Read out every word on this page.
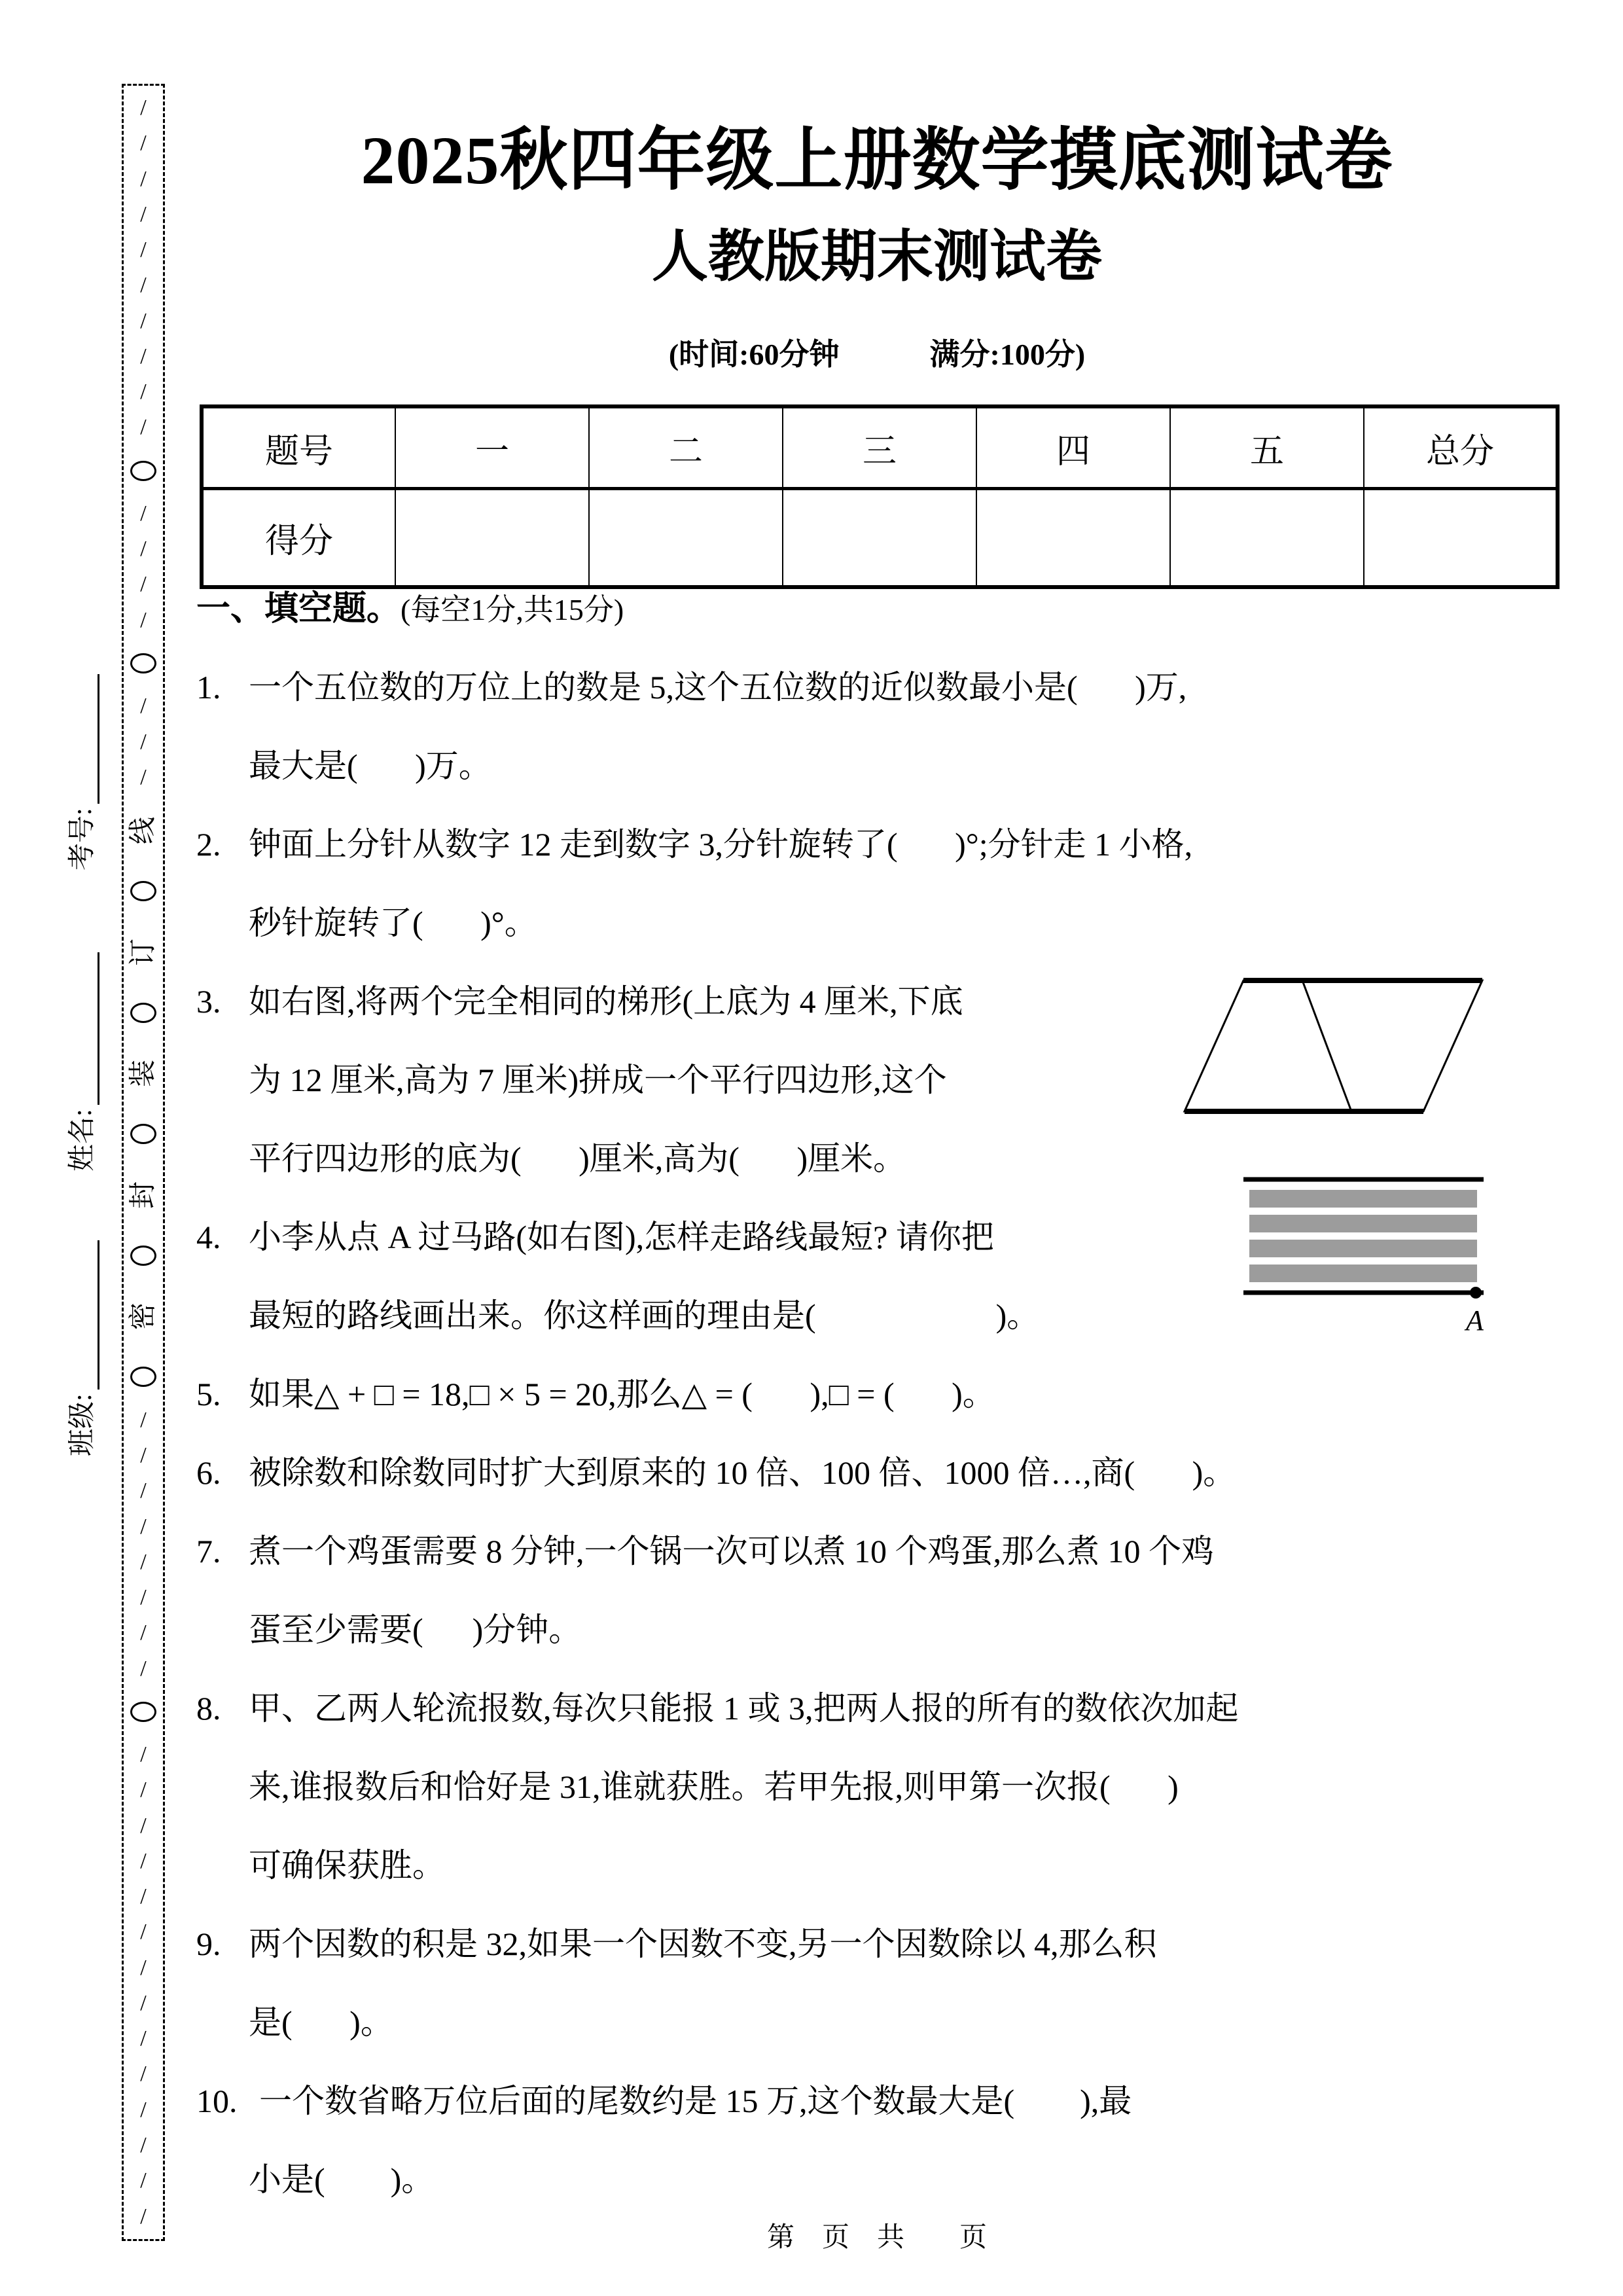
考号:
姓名:
班级:
/
/
/
/
/
/
/
/
/
/
/
/
/
/
/
/
/
线
订
装
封
密
/
/
/
/
/
/
/
/
/
/
/
/
/
/
/
/
/
/
/
/
/
/
2025秋四年级上册数学摸底测试卷
人教版期末测试卷
(时间:60分钟　　　满分:100分)
题号	一	二	三	四	五	总分
得分						
一、填空题。(每空1分,共15分)
1. 一个五位数的万位上的数是 5,这个五位数的近似数最小是(       )万,
最大是(       )万。
2. 钟面上分针从数字 12 走到数字 3,分针旋转了(       )°;分针走 1 小格,
秒针旋转了(       )°。
3. 如右图,将两个完全相同的梯形(上底为 4 厘米,下底
为 12 厘米,高为 7 厘米)拼成一个平行四边形,这个
平行四边形的底为(       )厘米,高为(       )厘米。
4. 小李从点 A 过马路(如右图),怎样走路线最短? 请你把
最短的路线画出来。你这样画的理由是(                      )。
5. 如果△ + □ = 18,□ × 5 = 20,那么△ = (       ),□ = (       )。
6. 被除数和除数同时扩大到原来的 10 倍、100 倍、1000 倍…,商(       )。
7. 煮一个鸡蛋需要 8 分钟,一个锅一次可以煮 10 个鸡蛋,那么煮 10 个鸡
蛋至少需要(      )分钟。
8. 甲、乙两人轮流报数,每次只能报 1 或 3,把两人报的所有的数依次加起
来,谁报数后和恰好是 31,谁就获胜。若甲先报,则甲第一次报(       )
可确保获胜。
9. 两个因数的积是 32,如果一个因数不变,另一个因数除以 4,那么积
是(       )。
10. 一个数省略万位后面的尾数约是 15 万,这个数最大是(        ),最
小是(        )。
A
第　页　共　　页
